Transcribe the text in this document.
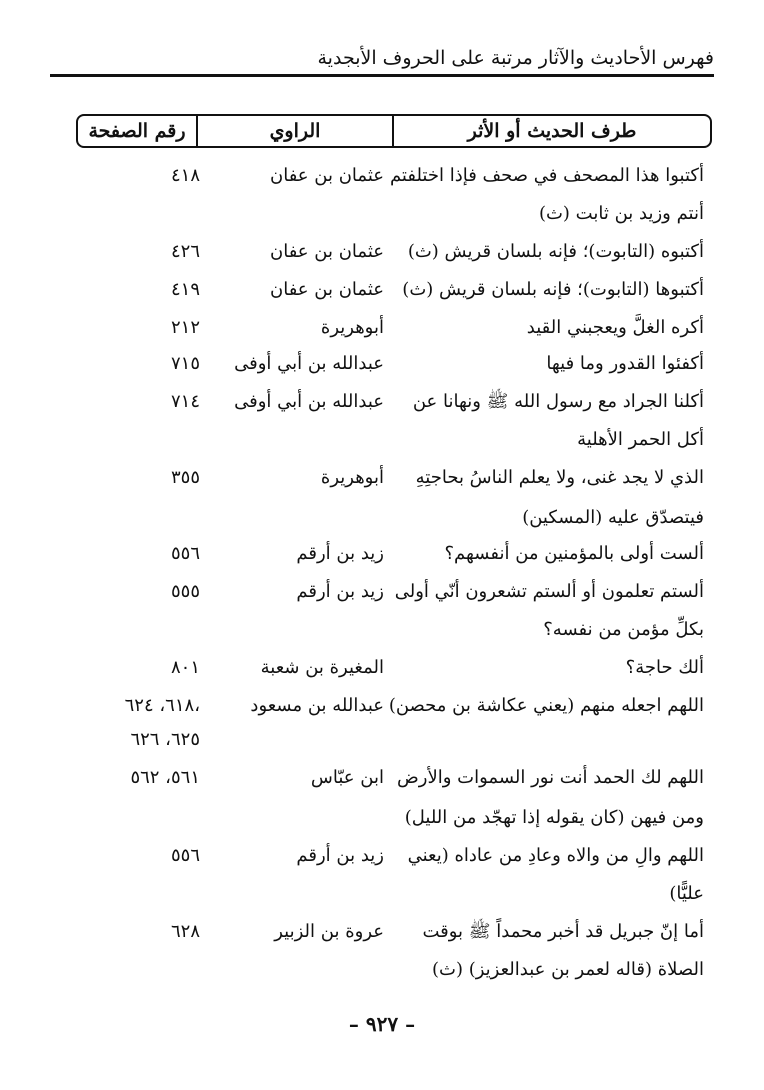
فهرس الأحاديث والآثار مرتبة على الحروف الأبجدية
طرف الحديث أو الأثر
الراوي
رقم الصفحة
أكتبوا هذا المصحف في صحف فإذا اختلفتم
أنتم وزيد بن ثابت (ث)
أكتبوه (التابوت)؛ فإنه بلسان قريش (ث)
أكتبوها (التابوت)؛ فإنه بلسان قريش (ث)
أكره الغلَّ ويعجبني القيد
أكفئوا القدور وما فيها
أكلنا الجراد مع رسول الله ﷺ ونهانا عن
أكل الحمر الأهلية
الذي لا يجد غنى، ولا يعلم الناسُ بحاجتِهِ
فيتصدّق عليه (المسكين)
ألست أولى بالمؤمنين من أنفسهم؟
ألستم تعلمون أو ألستم تشعرون أنّي أولى
بكلِّ مؤمن من نفسه؟
ألك حاجة؟
اللهم اجعله منهم (يعني عكاشة بن محصن)
اللهم لك الحمد أنت نور السموات والأرض
ومن فيهن (كان يقوله إذا تهجّد من الليل)
اللهم والِ من والاه وعادِ من عاداه (يعني
عليًّا)
أما إنّ جبريل قد أخبر محمداً ﷺ بوقت
الصلاة (قاله لعمر بن عبدالعزيز) (ث)
عثمان بن عفان
عثمان بن عفان
عثمان بن عفان
أبوهريرة
عبدالله بن أبي أوفى
عبدالله بن أبي أوفى
أبوهريرة
زيد بن أرقم
زيد بن أرقم
المغيرة بن شعبة
عبدالله بن مسعود
ابن عبّاس
زيد بن أرقم
عروة بن الزبير
٤١٨
٤٢٦
٤١٩
٢١٢
٧١٥
٧١٤
٣٥٥
٥٥٦
٥٥٥
٨٠١
٦١٨، ٦٢٤،
٦٢٥، ٦٢٦
٥٦١، ٥٦٢
٥٥٦
٦٢٨
– ٩٢٧ –
